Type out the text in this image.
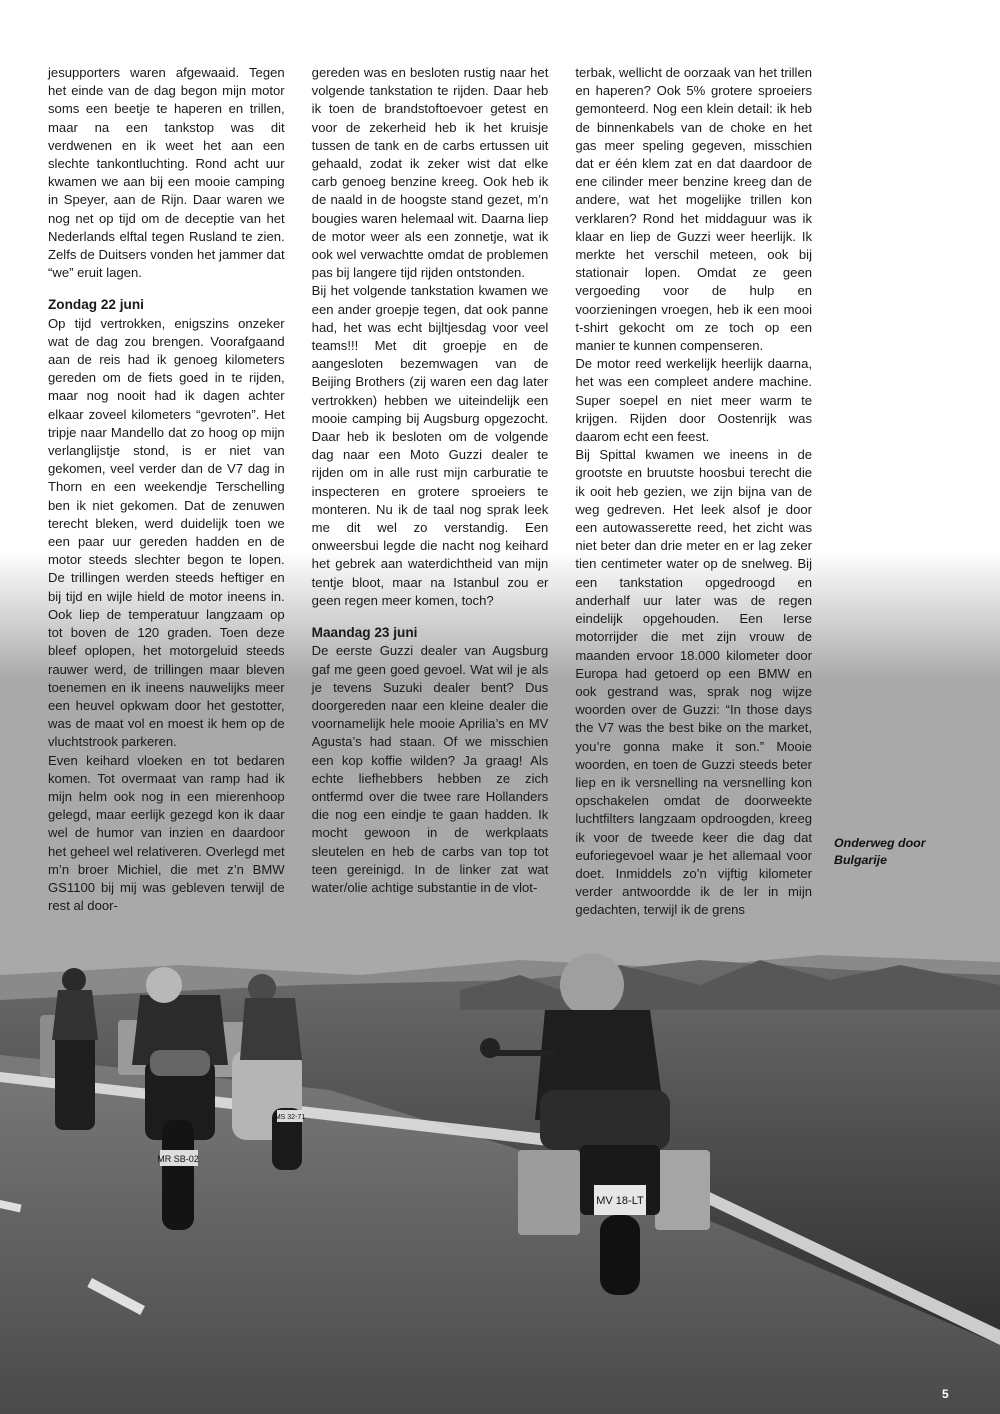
MR SB-02
MS 32-71
MV 18-LT

jesupporters waren afgewaaid. Tegen het einde van de dag begon mijn motor soms een beetje te haperen en trillen, maar na een tankstop was dit verdwenen en ik weet het aan een slechte tankontluchting. Rond acht uur kwamen we aan bij een mooie camping in Speyer, aan de Rijn. Daar waren we nog net op tijd om de deceptie van het Nederlands elftal tegen Rusland te zien. Zelfs de Duitsers vonden het jammer dat “we” eruit lagen.

Zondag 22 juni

Op tijd vertrokken, enigszins onzeker wat de dag zou brengen. Voorafgaand aan de reis had ik genoeg kilometers gereden om de fiets goed in te rijden, maar nog nooit had ik dagen achter elkaar zoveel kilometers “gevroten”. Het tripje naar Mandello dat zo hoog op mijn verlanglijstje stond, is er niet van gekomen, veel verder dan de V7 dag in Thorn en een weekendje Terschelling ben ik niet gekomen. Dat de zenuwen terecht bleken, werd duidelijk toen we een paar uur gereden hadden en de motor steeds slechter begon te lopen. De trillingen werden steeds heftiger en bij tijd en wijle hield de motor ineens in. Ook liep de temperatuur langzaam op tot boven de 120 graden. Toen deze bleef oplopen, het motorgeluid steeds rauwer werd, de trillingen maar bleven toenemen en ik ineens nauwelijks meer een heuvel opkwam door het gestotter, was de maat vol en moest ik hem op de vluchtstrook parkeren.

Even keihard vloeken en tot bedaren komen. Tot overmaat van ramp had ik mijn helm ook nog in een mierenhoop gelegd, maar eerlijk gezegd kon ik daar wel de humor van inzien en daardoor het geheel wel relativeren. Overlegd met m’n broer Michiel, die met z’n BMW GS1100 bij mij was gebleven terwijl de rest al door-

gereden was en besloten rustig naar het volgende tankstation te rijden. Daar heb ik toen de brandstoftoevoer getest en voor de zekerheid heb ik het kruisje tussen de tank en de carbs ertussen uit gehaald, zodat ik zeker wist dat elke carb genoeg benzine kreeg. Ook heb ik de naald in de hoogste stand gezet, m’n bougies waren helemaal wit. Daarna liep de motor weer als een zonnetje, wat ik ook wel verwachtte omdat de problemen pas bij langere tijd rijden ontstonden.

Bij het volgende tankstation kwamen we een ander groepje tegen, dat ook panne had, het was echt bijltjesdag voor veel teams!!! Met dit groepje en de aangesloten bezemwagen van de Beijing Brothers (zij waren een dag later vertrokken) hebben we uiteindelijk een mooie camping bij Augsburg opgezocht. Daar heb ik besloten om de volgende dag naar een Moto Guzzi dealer te rijden om in alle rust mijn carburatie te inspecteren en grotere sproeiers te monteren. Nu ik de taal nog sprak leek me dit wel zo verstandig. Een onweersbui legde die nacht nog keihard het gebrek aan waterdichtheid van mijn tentje bloot, maar na Istanbul zou er geen regen meer komen, toch?

Maandag 23 juni

De eerste Guzzi dealer van Augsburg gaf me geen goed gevoel. Wat wil je als je tevens Suzuki dealer bent? Dus doorgereden naar een kleine dealer die voornamelijk hele mooie Aprilia’s en MV Agusta’s had staan. Of we misschien een kop koffie wilden? Ja graag! Als echte liefhebbers hebben ze zich ontfermd over die twee rare Hollanders die nog een eindje te gaan hadden. Ik mocht gewoon in de werkplaats sleutelen en heb de carbs van top tot teen gereinigd. In de linker zat wat water/olie achtige substantie in de vlot-

terbak, wellicht de oorzaak van het trillen en haperen? Ook 5% grotere sproeiers gemonteerd. Nog een klein detail: ik heb de binnenkabels van de choke en het gas meer speling gegeven, misschien dat er één klem zat en dat daardoor de ene cilinder meer benzine kreeg dan de andere, wat het mogelijke trillen kon verklaren? Rond het middaguur was ik klaar en liep de Guzzi weer heerlijk. Ik merkte het verschil meteen, ook bij stationair lopen. Omdat ze geen vergoeding voor de hulp en voorzieningen vroegen, heb ik een mooi t-shirt gekocht om ze toch op een manier te kunnen compenseren.

De motor reed werkelijk heerlijk daarna, het was een compleet andere machine. Super soepel en niet meer warm te krijgen. Rijden door Oostenrijk was daarom echt een feest.

Bij Spittal kwamen we ineens in de grootste en bruutste hoosbui terecht die ik ooit heb gezien, we zijn bijna van de weg gedreven. Het leek alsof je door een autowasserette reed, het zicht was niet beter dan drie meter en er lag zeker tien centimeter water op de snelweg. Bij een tankstation opgedroogd en anderhalf uur later was de regen eindelijk opgehouden. Een Ierse motorrijder die met zijn vrouw de maanden ervoor 18.000 kilometer door Europa had getoerd op een BMW en ook gestrand was, sprak nog wijze woorden over de Guzzi: “In those days the V7 was the best bike on the market, you’re gonna make it son.” Mooie woorden, en toen de Guzzi steeds beter liep en ik versnelling na versnelling kon opschakelen omdat de doorweekte luchtfilters langzaam opdroogden, kreeg ik voor de tweede keer die dag dat euforiegevoel waar je het allemaal voor doet. Inmiddels zo’n vijftig kilometer verder antwoordde ik de ler in mijn gedachten, terwijl ik de grens

Onderweg door Bulgarije
5
